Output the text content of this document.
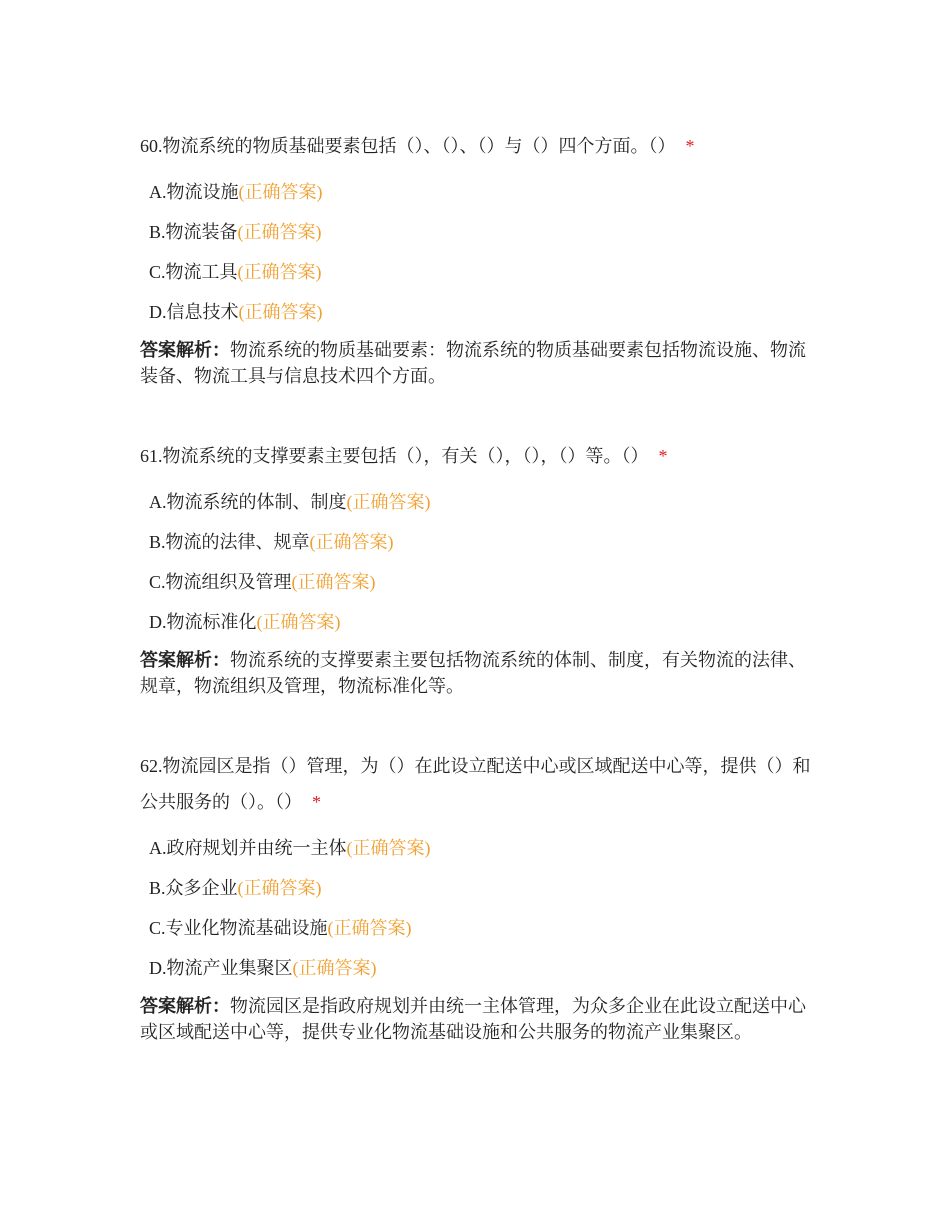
60.物流系统的物质基础要素包括（）、（）、（）与（）四个方面。（） *

A.物流设施(正确答案)
B.物流装备(正确答案)
C.物流工具(正确答案)
D.信息技术(正确答案)
答案解析：物流系统的物质基础要素：物流系统的物质基础要素包括物流设施、物流装备、物流工具与信息技术四个方面。

61.物流系统的支撑要素主要包括（），有关（），（），（）等。（） *

A.物流系统的体制、制度(正确答案)
B.物流的法律、规章(正确答案)
C.物流组织及管理(正确答案)
D.物流标准化(正确答案)
答案解析：物流系统的支撑要素主要包括物流系统的体制、制度，有关物流的法律、规章，物流组织及管理，物流标准化等。

62.物流园区是指（）管理，为（）在此设立配送中心或区域配送中心等，提供（）和公共服务的（）。（） *

A.政府规划并由统一主体(正确答案)
B.众多企业(正确答案)
C.专业化物流基础设施(正确答案)
D.物流产业集聚区(正确答案)
答案解析：物流园区是指政府规划并由统一主体管理，为众多企业在此设立配送中心或区域配送中心等，提供专业化物流基础设施和公共服务的物流产业集聚区。
